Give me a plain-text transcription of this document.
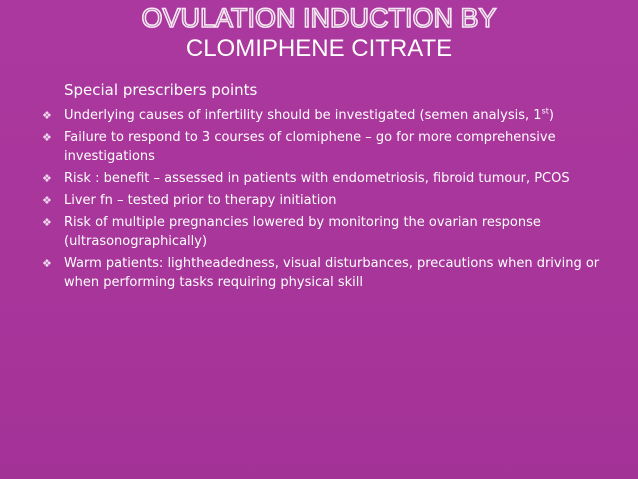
OVULATION INDUCTION BY
CLOMIPHENE CITRATE
Special prescribers points
❖ Underlying causes of infertility should be investigated (semen analysis, 1st)
❖ Failure to respond to 3 courses of clomiphene – go for more comprehensive investigations
❖ Risk : benefit – assessed in patients with endometriosis, fibroid tumour, PCOS
❖ Liver fn – tested prior to therapy initiation
❖ Risk of multiple pregnancies lowered by monitoring the ovarian response (ultrasonographically)
❖ Warm patients: lightheadedness, visual disturbances, precautions when driving or when performing tasks requiring physical skill
